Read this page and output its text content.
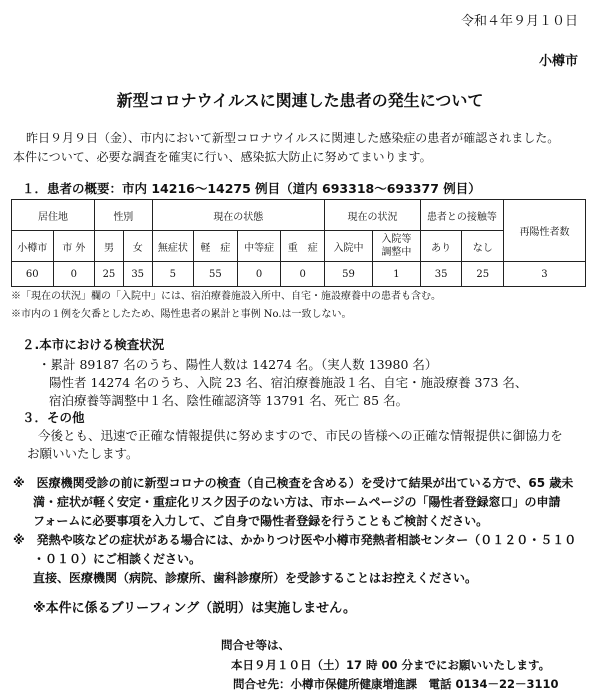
令和４年９月１０日
小樽市
新型コロナウイルスに関連した患者の発生について
昨日９月９日（金）、市内において新型コロナウイルスに関連した感染症の患者が確認されました。
本件について、必要な調査を確実に行い、感染拡大防止に努めてまいります。
１．患者の概要：市内 14216～14275 例目（道内 693318～693377 例目）
居住地		性別		現在の状態				現在の状況		患者との接触等		再陽性者数
小樽市	市 外	男	女	無症状	軽　症	中等症	重　症	入院中	入院等
調整中	あり	なし	
60	0	25	35	5	55	0	0	59	1	35	25	3
※「現在の状況」欄の「入院中」には、宿泊療養施設入所中、自宅・施設療養中の患者も含む。
※市内の１例を欠番としたため、陽性患者の累計と事例 No.は一致しない。
２.本市における検査状況
・累計 89187 名のうち、陽性人数は 14274 名。（実人数 13980 名）
陽性者 14274 名のうち、入院 23 名、宿泊療養施設１名、自宅・施設療養 373 名、
宿泊療養等調整中１名、陰性確認済等 13791 名、死亡 85 名。
３．その他
今後とも、迅速で正確な情報提供に努めますので、市民の皆様への正確な情報提供に御協力を
お願いいたします。
※　医療機関受診の前に新型コロナの検査（自己検査を含める）を受けて結果が出ている方で、65 歳未
満・症状が軽く安定・重症化リスク因子のない方は、市ホームページの「陽性者登録窓口」の申請
フォームに必要事項を入力して、ご自身で陽性者登録を行うこともご検討ください。
※　発熱や咳などの症状がある場合には、かかりつけ医や小樽市発熱者相談センター（０１２０・５１０
・０１０）にご相談ください。
直接、医療機関（病院、診療所、歯科診療所）を受診することはお控えください。
※本件に係るブリーフィング（説明）は実施しません。
問合せ等は、
本日９月１０日（土）17 時 00 分までにお願いいたします。
問合せ先：小樽市保健所健康増進課　電話 0134－22－3110
